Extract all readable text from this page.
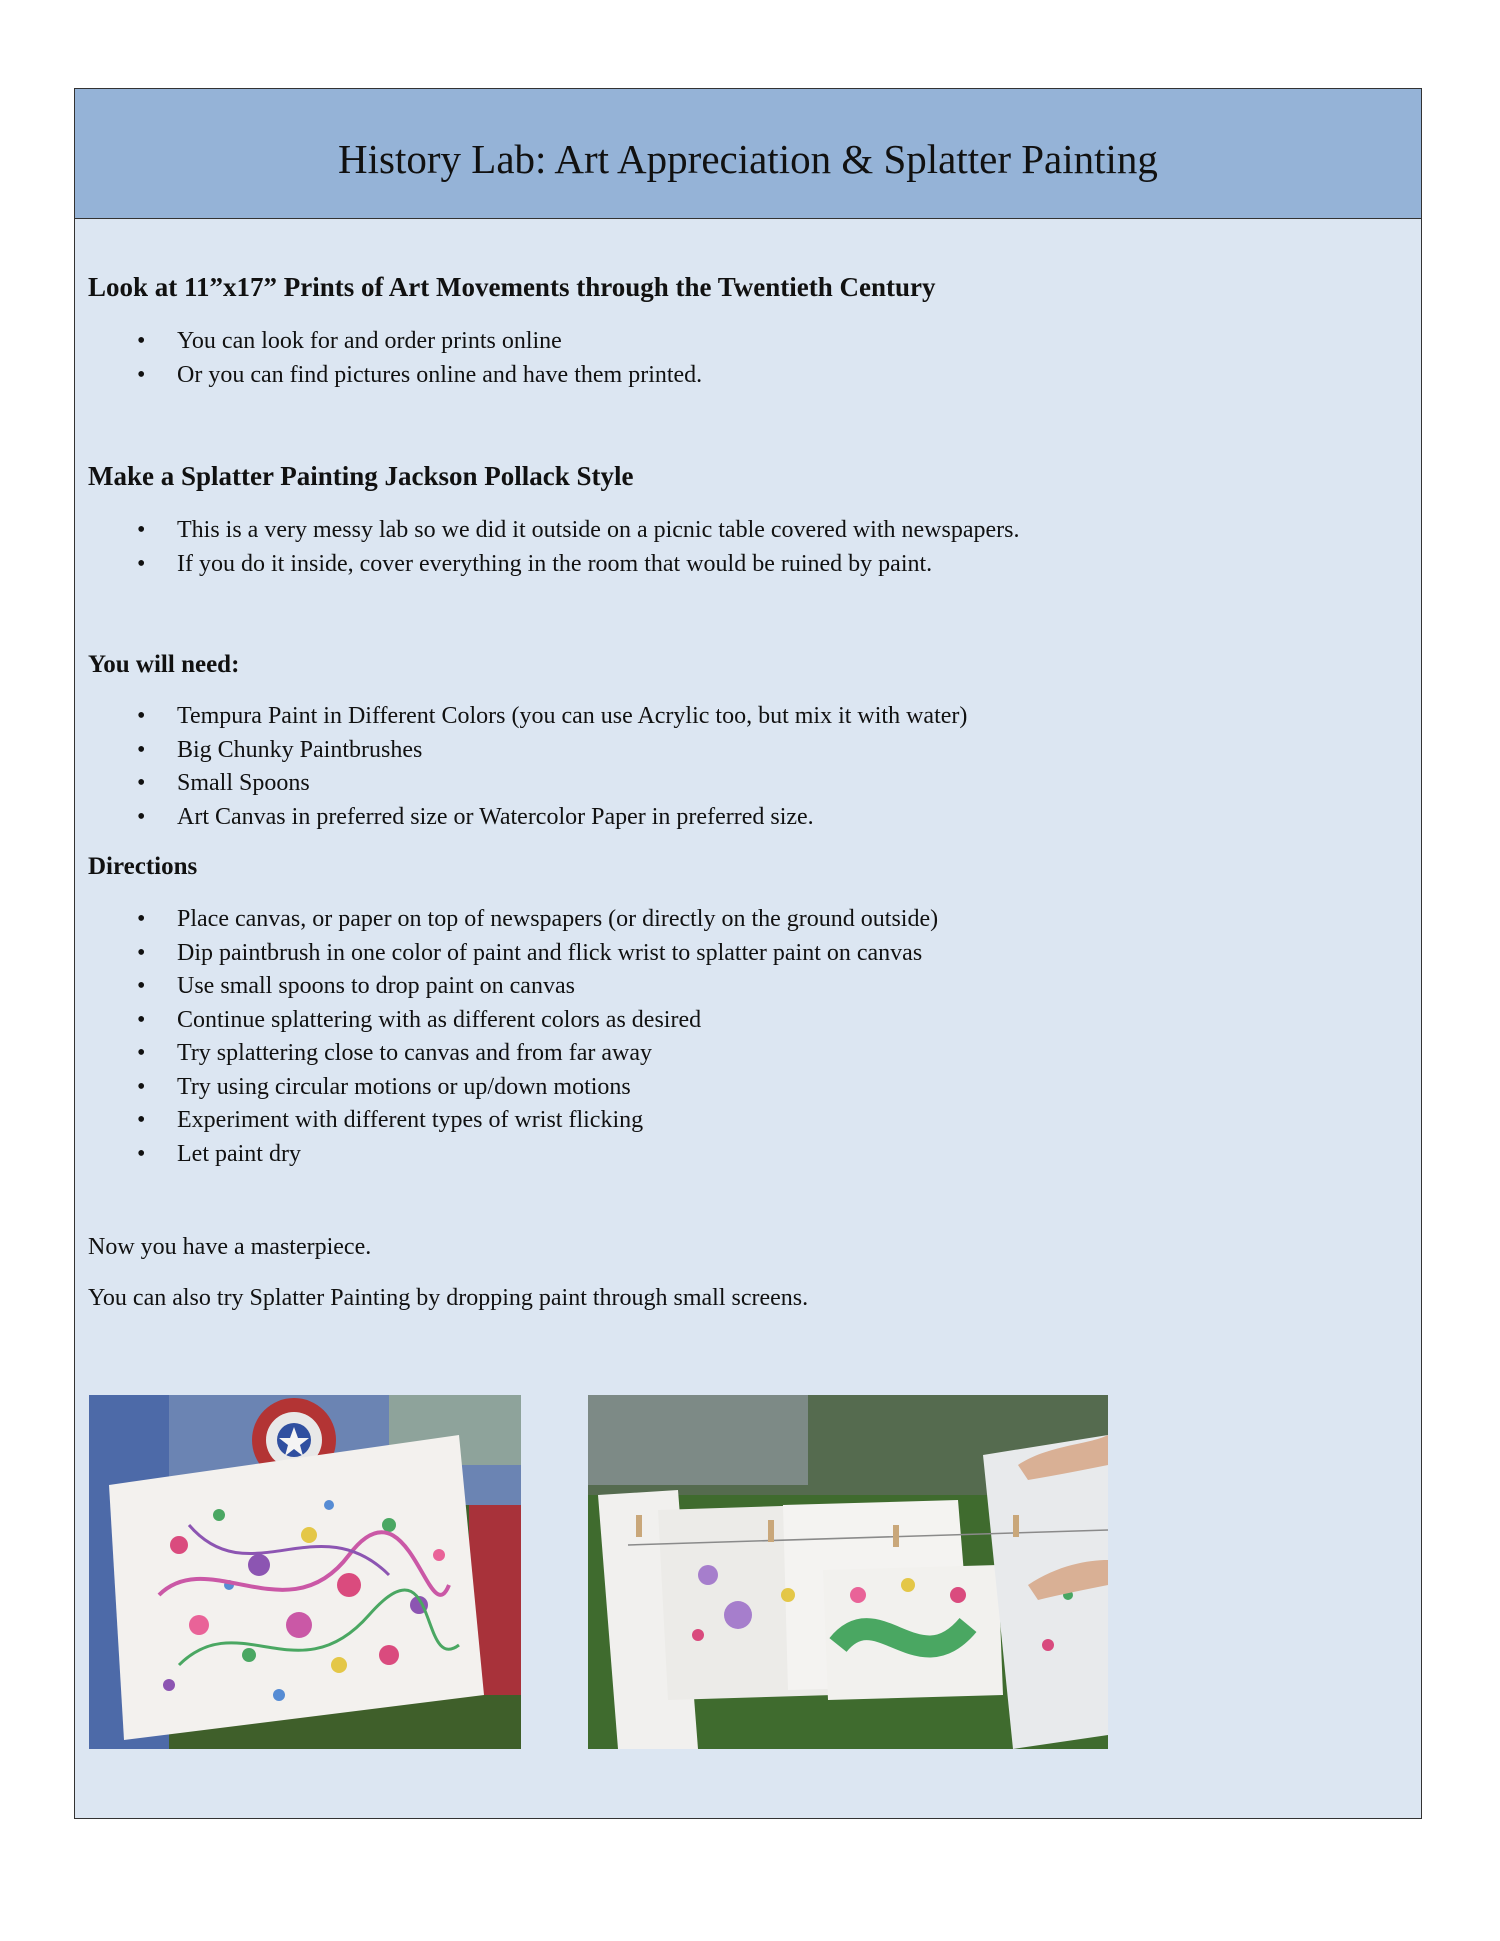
History Lab: Art Appreciation & Splatter Painting
Look at 11”x17” Prints of Art Movements through the Twentieth Century
• You can look for and order prints online
• Or you can find pictures online and have them printed.
Make a Splatter Painting Jackson Pollack Style
• This is a very messy lab so we did it outside on a picnic table covered with newspapers.
• If you do it inside, cover everything in the room that would be ruined by paint.
You will need:
• Tempura Paint in Different Colors (you can use Acrylic too, but mix it with water)
• Big Chunky Paintbrushes
• Small Spoons
• Art Canvas in preferred size or Watercolor Paper in preferred size.
Directions
• Place canvas, or paper on top of newspapers (or directly on the ground outside)
• Dip paintbrush in one color of paint and flick wrist to splatter paint on canvas
• Use small spoons to drop paint on canvas
• Continue splattering with as different colors as desired
• Try splattering close to canvas and from far away
• Try using circular motions or up/down motions
• Experiment with different types of wrist flicking
• Let paint dry

Now you have a masterpiece.

You can also try Splatter Painting by dropping paint through small screens.
